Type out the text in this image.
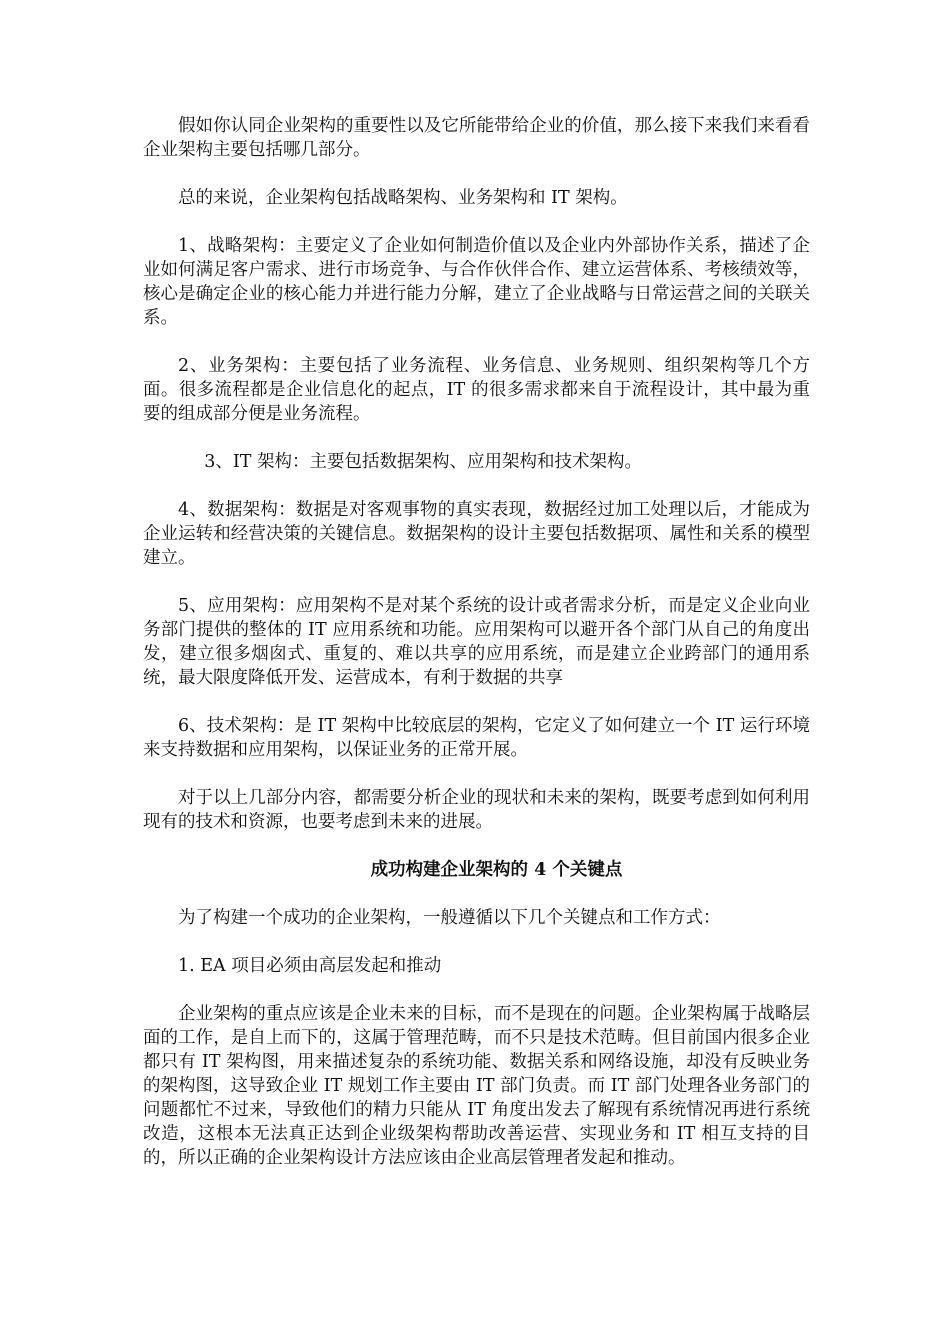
假如你认同企业架构的重要性以及它所能带给企业的价值，那么接下来我们来看看企业架构主要包括哪几部分。

总的来说，企业架构包括战略架构、业务架构和 IT 架构。

1、战略架构：主要定义了企业如何制造价值以及企业内外部协作关系，描述了企业如何满足客户需求、进行市场竞争、与合作伙伴合作、建立运营体系、考核绩效等，核心是确定企业的核心能力并进行能力分解，建立了企业战略与日常运营之间的关联关系。

2、业务架构：主要包括了业务流程、业务信息、业务规则、组织架构等几个方面。很多流程都是企业信息化的起点，IT 的很多需求都来自于流程设计，其中最为重要的组成部分便是业务流程。

3、IT 架构：主要包括数据架构、应用架构和技术架构。

4、数据架构：数据是对客观事物的真实表现，数据经过加工处理以后，才能成为企业运转和经营决策的关键信息。数据架构的设计主要包括数据项、属性和关系的模型建立。

5、应用架构：应用架构不是对某个系统的设计或者需求分析，而是定义企业向业务部门提供的整体的 IT 应用系统和功能。应用架构可以避开各个部门从自己的角度出发，建立很多烟囱式、重复的、难以共享的应用系统，而是建立企业跨部门的通用系统，最大限度降低开发、运营成本，有利于数据的共享

6、技术架构：是 IT 架构中比较底层的架构，它定义了如何建立一个 IT 运行环境来支持数据和应用架构，以保证业务的正常开展。

对于以上几部分内容，都需要分析企业的现状和未来的架构，既要考虑到如何利用现有的技术和资源，也要考虑到未来的进展。

成功构建企业架构的 4 个关键点

为了构建一个成功的企业架构，一般遵循以下几个关键点和工作方式：

1. EA 项目必须由高层发起和推动

企业架构的重点应该是企业未来的目标，而不是现在的问题。企业架构属于战略层面的工作，是自上而下的，这属于管理范畴，而不只是技术范畴。但目前国内很多企业都只有 IT 架构图，用来描述复杂的系统功能、数据关系和网络设施，却没有反映业务的架构图，这导致企业 IT 规划工作主要由 IT 部门负责。而 IT 部门处理各业务部门的问题都忙不过来，导致他们的精力只能从 IT 角度出发去了解现有系统情况再进行系统改造，这根本无法真正达到企业级架构帮助改善运营、实现业务和 IT 相互支持的目的，所以正确的企业架构设计方法应该由企业高层管理者发起和推动。
